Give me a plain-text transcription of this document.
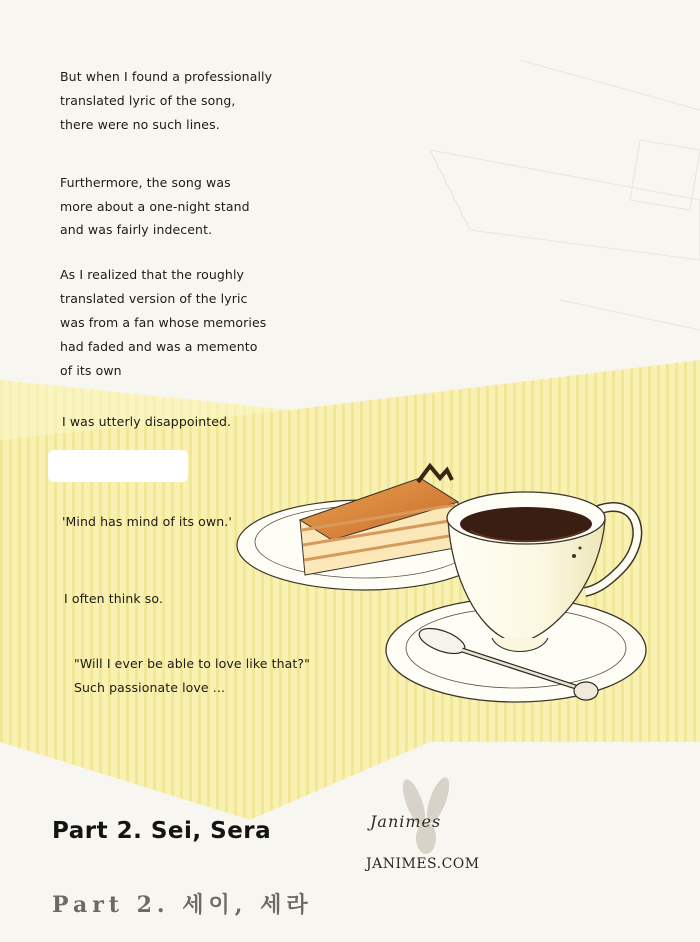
But when I found a professionally

translated lyric of the song,

there were no such lines.

Furthermore, the song was

more about a one-night stand

and was fairly indecent.

As I realized that the roughly

translated version of the lyric

was from a fan whose memories

had faded and was a memento

of its own

I was utterly disappointed.

'Mind has mind of its own.'

I often think so.

"Will I ever be able to love like that?"

Such passionate love ...

Part 2. Sei, Sera
Part 2. 세이, 세라

Janimes

JANIMES.COM
